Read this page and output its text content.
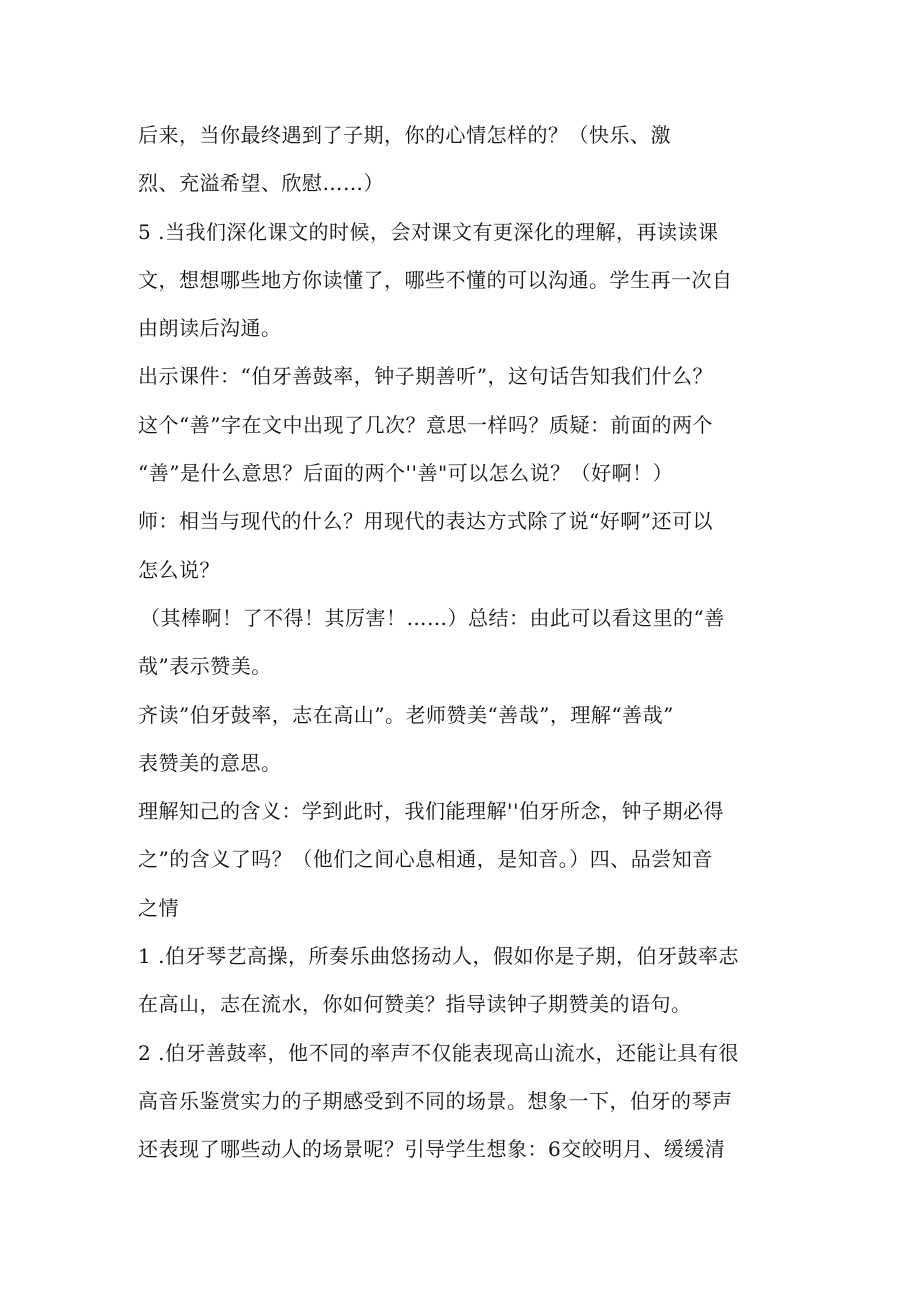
后来，当你最终遇到了子期，你的心情怎样的？（快乐、激
烈、充溢希望、欣慰……）
5 .当我们深化课文的时候，会对课文有更深化的理解，再读读课
文，想想哪些地方你读懂了，哪些不懂的可以沟通。学生再一次自
由朗读后沟通。
出示课件：“伯牙善鼓率，钟子期善听”，这句话告知我们什么？
这个“善”字在文中出现了几次？意思一样吗？质疑：前面的两个
“善”是什么意思？后面的两个''善"可以怎么说？（好啊！）
师：相当与现代的什么？用现代的表达方式除了说“好啊”还可以
怎么说？
（其棒啊！了不得！其厉害！……）总结：由此可以看这里的“善
哉”表示赞美。
齐读”伯牙鼓率，志在高山”。老师赞美“善哉”，理解“善哉”
表赞美的意思。
理解知己的含义：学到此时，我们能理解''伯牙所念，钟子期必得
之”的含义了吗？（他们之间心息相通，是知音。）四、品尝知音
之情
1 .伯牙琴艺高操，所奏乐曲悠扬动人，假如你是子期，伯牙鼓率志
在高山，志在流水，你如何赞美？指导读钟子期赞美的语句。
2 .伯牙善鼓率，他不同的率声不仅能表现高山流水，还能让具有很
高音乐鉴赏实力的子期感受到不同的场景。想象一下，伯牙的琴声
还表现了哪些动人的场景呢？引导学生想象：6交皎明月、缓缓清
